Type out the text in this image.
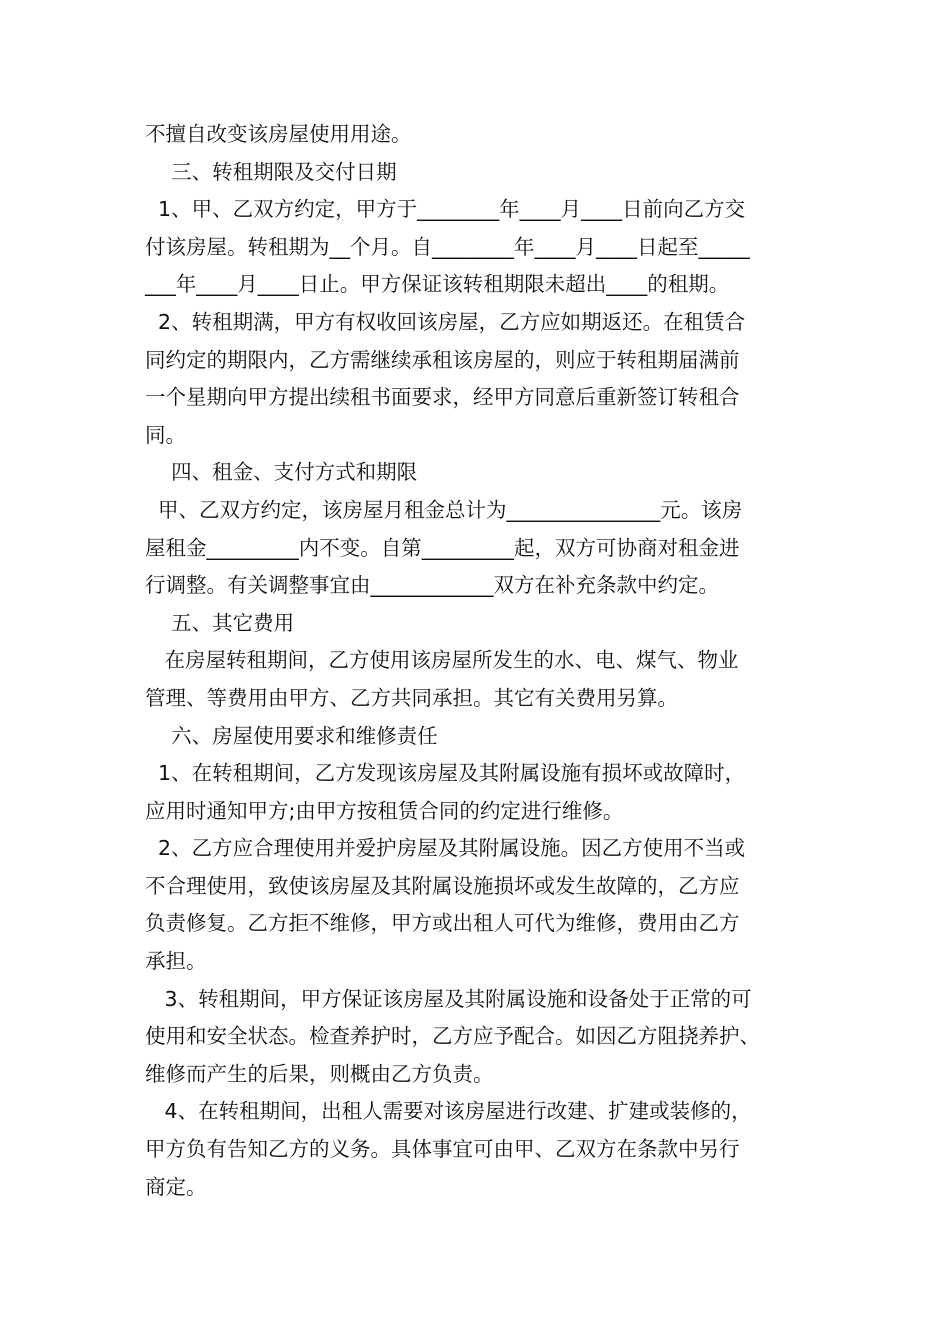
不擅自改变该房屋使用用途。
三、转租期限及交付日期
1、甲、乙双方约定，甲方于________年____月____日前向乙方交
付该房屋。转租期为__个月。自________年____月____日起至_____
___年____月____日止。甲方保证该转租期限未超出____的租期。
2、转租期满，甲方有权收回该房屋，乙方应如期返还。在租赁合
同约定的期限内，乙方需继续承租该房屋的，则应于转租期届满前
一个星期向甲方提出续租书面要求，经甲方同意后重新签订转租合
同。
四、租金、支付方式和期限
甲、乙双方约定，该房屋月租金总计为_______________元。该房
屋租金_________内不变。自第_________起，双方可协商对租金进
行调整。有关调整事宜由____________双方在补充条款中约定。
五、其它费用
在房屋转租期间，乙方使用该房屋所发生的水、电、煤气、物业
管理、等费用由甲方、乙方共同承担。其它有关费用另算。
六、房屋使用要求和维修责任
1、在转租期间，乙方发现该房屋及其附属设施有损坏或故障时，
应用时通知甲方;由甲方按租赁合同的约定进行维修。
2、乙方应合理使用并爱护房屋及其附属设施。因乙方使用不当或
不合理使用，致使该房屋及其附属设施损坏或发生故障的，乙方应
负责修复。乙方拒不维修，甲方或出租人可代为维修，费用由乙方
承担。
3、转租期间，甲方保证该房屋及其附属设施和设备处于正常的可
使用和安全状态。检查养护时，乙方应予配合。如因乙方阻挠养护、
维修而产生的后果，则概由乙方负责。
4、在转租期间，出租人需要对该房屋进行改建、扩建或装修的，
甲方负有告知乙方的义务。具体事宜可由甲、乙双方在条款中另行
商定。
